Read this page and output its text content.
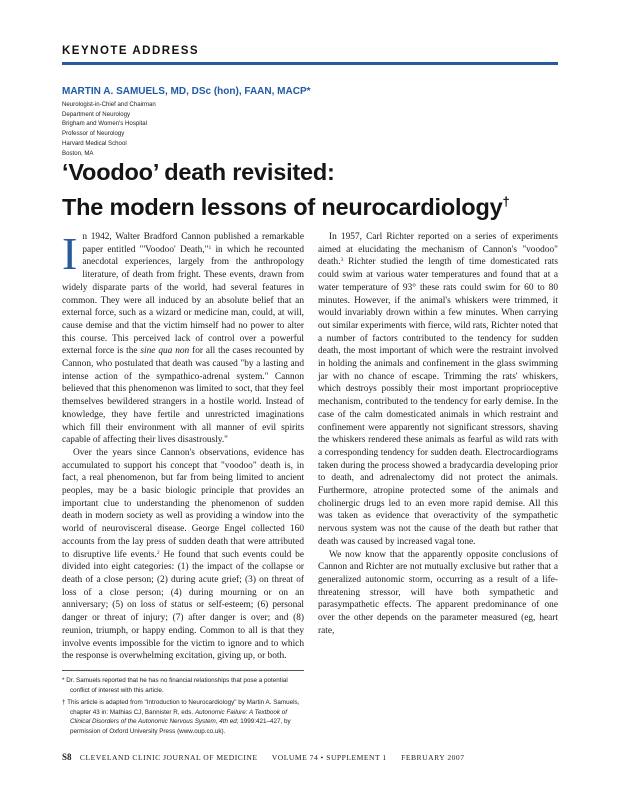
KEYNOTE ADDRESS
MARTIN A. SAMUELS, MD, DSc (hon), FAAN, MACP*
Neurologist-in-Chief and Chairman
Department of Neurology
Brigham and Women's Hospital
Professor of Neurology
Harvard Medical School
Boston, MA
‘Voodoo’ death revisited:
The modern lessons of neurocardiology†

In 1942, Walter Bradford Cannon published a remarkable paper entitled "'Voodoo' Death,"$^1$ in which he recounted anecdotal experiences, largely from the anthropology literature, of death from fright. These events, drawn from widely disparate parts of the world, had several features in common. They were all induced by an absolute belief that an external force, such as a wizard or medicine man, could, at will, cause demise and that the victim himself had no power to alter this course. This perceived lack of control over a powerful external force is the sine qua non for all the cases recounted by Cannon, who postulated that death was caused "by a lasting and intense action of the sympathico-adrenal system." Cannon believed that this phenomenon was limited to soct, that they feel themselves bewildered strangers in a hostile world. Instead of knowledge, they have fertile and unrestricted imaginations which fill their environment with all manner of evil spirits capable of affecting their lives disastrously."

Over the years since Cannon's observations, evidence has accumulated to support his concept that "voodoo" death is, in fact, a real phenomenon, but far from being limited to ancient peoples, may be a basic biologic principle that provides an important clue to understanding the phenomenon of sudden death in modern society as well as providing a window into the world of neurovisceral disease. George Engel collected 160 accounts from the lay press of sudden death that were attributed to disruptive life events.$^2$ He found that such events could be divided into eight categories: (1) the impact of the collapse or death of a close person; (2) during acute grief; (3) on threat of loss of a close person; (4) during mourning or on an anniversary; (5) on loss of status or self-esteem; (6) personal danger or threat of injury; (7) after danger is over; and (8) reunion, triumph, or happy ending. Common to all is that they involve events impossible for the victim to ignore and to which the response is overwhelming excitation, giving up, or both.

In 1957, Carl Richter reported on a series of experiments aimed at elucidating the mechanism of Cannon's "voodoo" death.$^3$ Richter studied the length of time domesticated rats could swim at various water temperatures and found that at a water temperature of 93° these rats could swim for 60 to 80 minutes. However, if the animal's whiskers were trimmed, it would invariably drown within a few minutes. When carrying out similar experiments with fierce, wild rats, Richter noted that a number of factors contributed to the tendency for sudden death, the most important of which were the restraint involved in holding the animals and confinement in the glass swimming jar with no chance of escape. Trimming the rats' whiskers, which destroys possibly their most important proprioceptive mechanism, contributed to the tendency for early demise. In the case of the calm domesticated animals in which restraint and confinement were apparently not significant stressors, shaving the whiskers rendered these animals as fearful as wild rats with a corresponding tendency for sudden death. Electrocardiograms taken during the process showed a bradycardia developing prior to death, and adrenalectomy did not protect the animals. Furthermore, atropine protected some of the animals and cholinergic drugs led to an even more rapid demise. All this was taken as evidence that overactivity of the sympathetic nervous system was not the cause of the death but rather that death was caused by increased vagal tone.

We now know that the apparently opposite conclusions of Cannon and Richter are not mutually exclusive but rather that a generalized autonomic storm, occurring as a result of a life-threatening stressor, will have both sympathetic and parasympathetic effects. The apparent predominance of one over the other depends on the parameter measured (eg, heart rate,

* Dr. Samuels reported that he has no financial relationships that pose a potential conflict of interest with this article.

† This article is adapted from "Introduction to Neurocardiology" by Martin A. Samuels, chapter 43 in: Mathias CJ, Bannister R, eds. Autonomic Failure: A Textbook of Clinical Disorders of the Autonomic Nervous System, 4th ed; 1999:421–427, by permission of Oxford University Press (www.oup.co.uk).

S8 CLEVELAND CLINIC JOURNAL OF MEDICINE VOLUME 74 • SUPPLEMENT 1 FEBRUARY 2007
